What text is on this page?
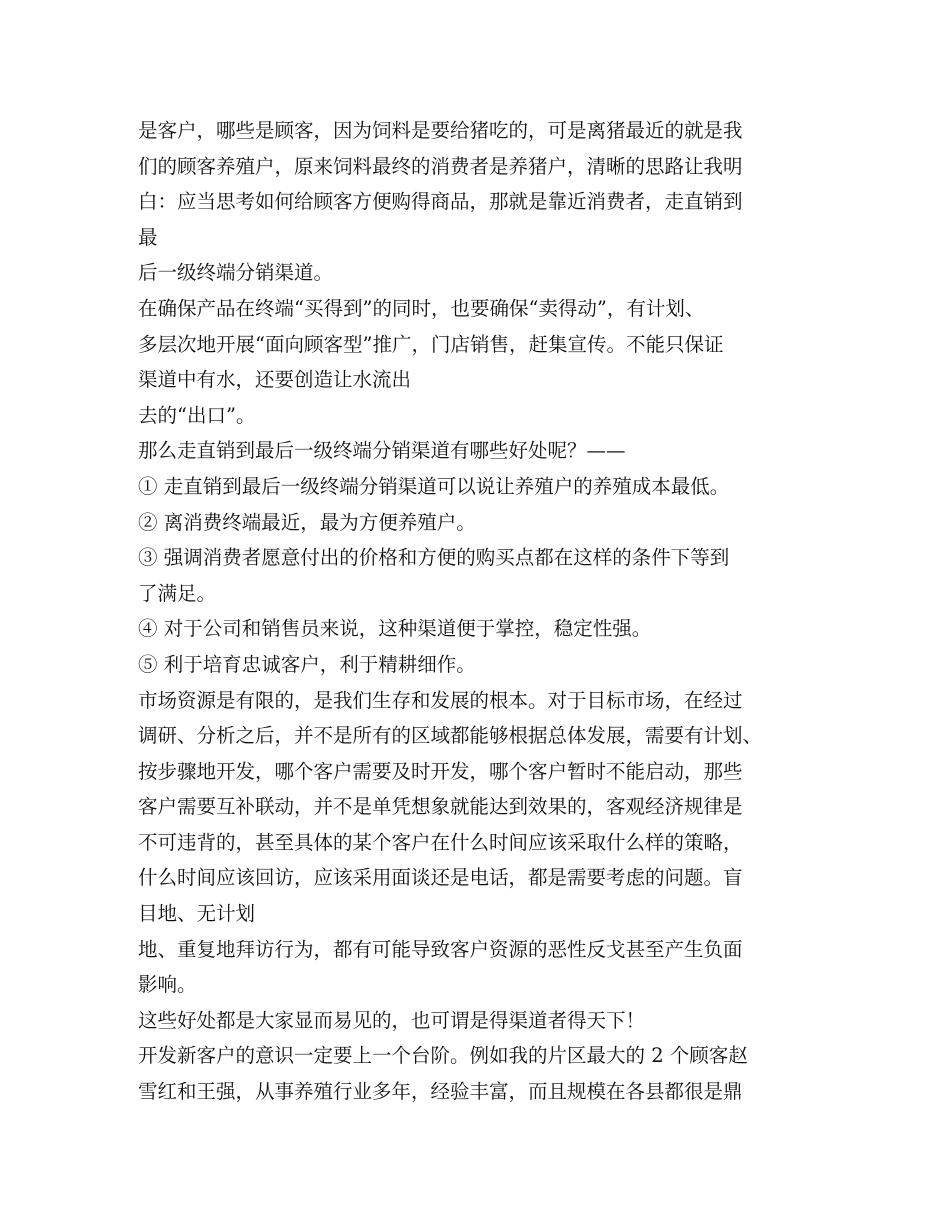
是客户，哪些是顾客，因为饲料是要给猪吃的，可是离猪最近的就是我
们的顾客养殖户，原来饲料最终的消费者是养猪户，清晰的思路让我明
白：应当思考如何给顾客方便购得商品，那就是靠近消费者，走直销到
最
后一级终端分销渠道。
在确保产品在终端“买得到”的同时，也要确保“卖得动”，有计划、
多层次地开展“面向顾客型”推广，门店销售，赶集宣传。不能只保证
渠道中有水，还要创造让水流出
去的“出口”。
那么走直销到最后一级终端分销渠道有哪些好处呢？——
① 走直销到最后一级终端分销渠道可以说让养殖户的养殖成本最低。
② 离消费终端最近，最为方便养殖户。
③ 强调消费者愿意付出的价格和方便的购买点都在这样的条件下等到
了满足。
④ 对于公司和销售员来说，这种渠道便于掌控，稳定性强。
⑤ 利于培育忠诚客户，利于精耕细作。
市场资源是有限的，是我们生存和发展的根本。对于目标市场，在经过
调研、分析之后，并不是所有的区域都能够根据总体发展，需要有计划、
按步骤地开发，哪个客户需要及时开发，哪个客户暂时不能启动，那些
客户需要互补联动，并不是单凭想象就能达到效果的，客观经济规律是
不可违背的，甚至具体的某个客户在什么时间应该采取什么样的策略，
什么时间应该回访，应该采用面谈还是电话，都是需要考虑的问题。盲
目地、无计划
地、重复地拜访行为，都有可能导致客户资源的恶性反戈甚至产生负面
影响。
这些好处都是大家显而易见的，也可谓是得渠道者得天下！
开发新客户的意识一定要上一个台阶。例如我的片区最大的 2 个顾客赵
雪红和王强，从事养殖行业多年，经验丰富，而且规模在各县都很是鼎
